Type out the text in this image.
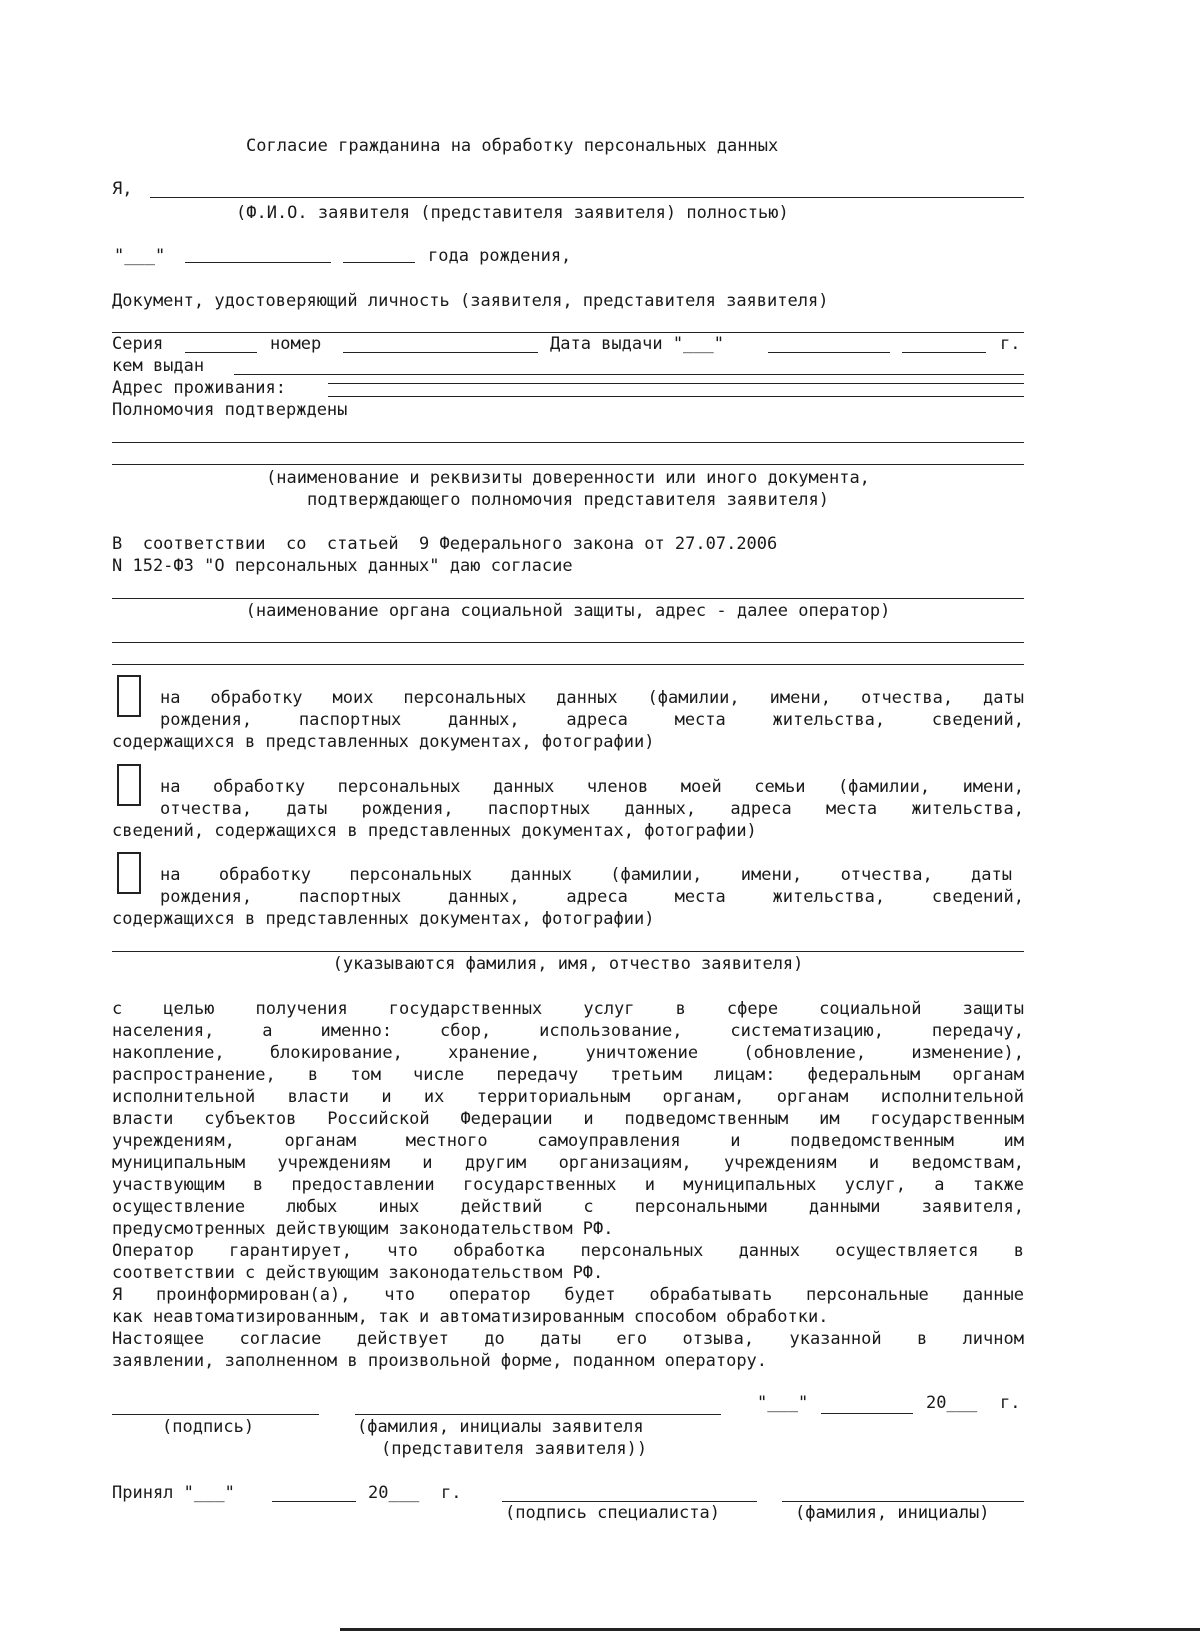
Согласие гражданина на обработку персональных данных
Я,
(Ф.И.О. заявителя (представителя заявителя) полностью)
"___"	года рождения,
Документ, удостоверяющий личность (заявителя, представителя заявителя)
Серия	номер	Дата выдачи "___"	г.
кем выдан
Адрес проживания:
Полномочия подтверждены
(наименование и реквизиты доверенности или иного документа,
подтверждающего полномочия представителя заявителя)
В  соответствии  со  статьей  9 Федерального закона от 27.07.2006
N 152-ФЗ "О персональных данных" даю согласие
(наименование органа социальной защиты, адрес - далее оператор)
на обработку моих персональных данных (фамилии, имени, отчества, даты
рождения, паспортных данных, адреса места жительства, сведений,
содержащихся в представленных документах, фотографии)
на обработку персональных данных членов моей семьи (фамилии, имени,
отчества, даты рождения, паспортных данных, адреса места жительства,
сведений, содержащихся в представленных документах, фотографии)
на обработку персональных данных (фамилии, имени, отчества, даты
рождения, паспортных данных, адреса места жительства, сведений,
содержащихся в представленных документах, фотографии)
(указываются фамилия, имя, отчество заявителя)
с целью получения государственных услуг в сфере социальной защиты
населения, а именно: сбор, использование, систематизацию, передачу,
накопление, блокирование, хранение, уничтожение (обновление, изменение),
распространение, в том числе передачу третьим лицам: федеральным органам
исполнительной власти и их территориальным органам, органам исполнительной
власти субъектов Российской Федерации и подведомственным им государственным
учреждениям, органам местного самоуправления и подведомственным им
муниципальным учреждениям и другим организациям, учреждениям и ведомствам,
участвующим в предоставлении государственных и муниципальных услуг, а также
осуществление любых иных действий с персональными данными заявителя,
предусмотренных действующим законодательством РФ.
Оператор гарантирует, что обработка персональных данных осуществляется в
соответствии с действующим законодательством РФ.
Я проинформирован(а), что оператор будет обрабатывать персональные данные
как неавтоматизированным, так и автоматизированным способом обработки.
Настоящее согласие действует до даты его отзыва, указанной в личном
заявлении, заполненном в произвольной форме, поданном оператору.
"___"	20___ г.
(подпись)	(фамилия, инициалы заявителя
(представителя заявителя))
Принял "___"	20___ г.
(подпись специалиста)	(фамилия, инициалы)
